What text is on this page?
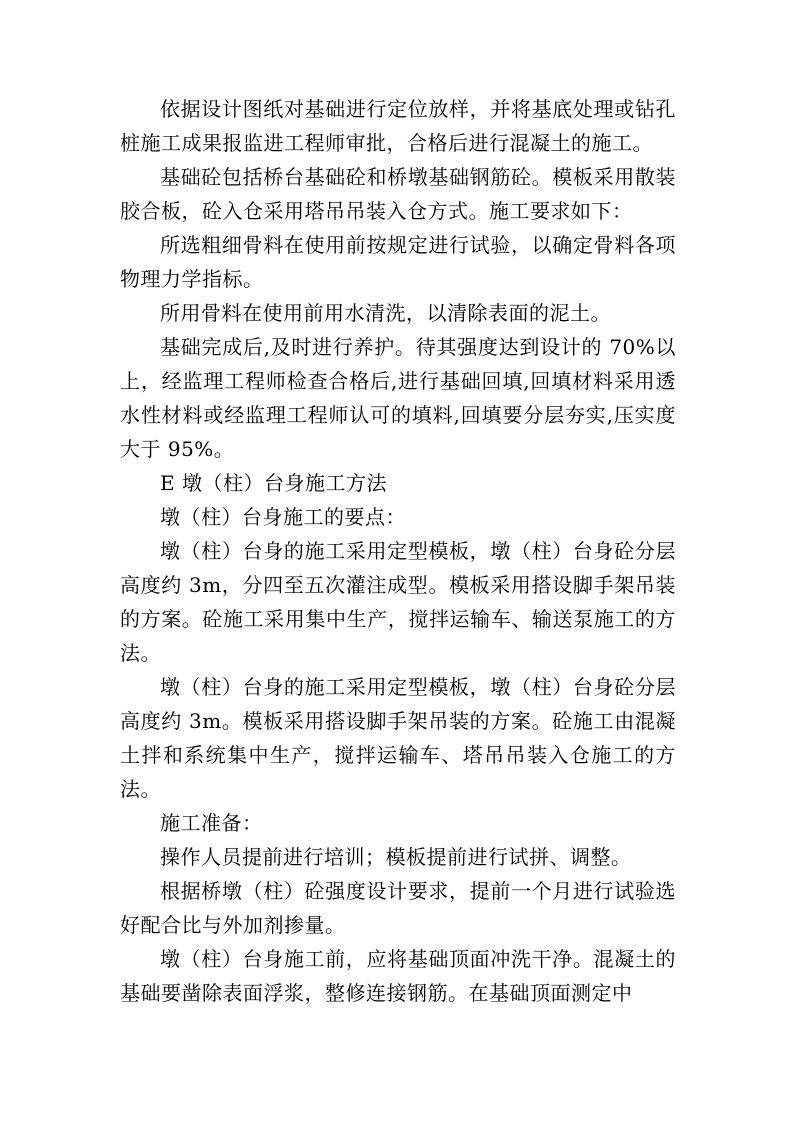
依据设计图纸对基础进行定位放样，并将基底处理或钻孔桩施工成果报监进工程师审批，合格后进行混凝土的施工。

基础砼包括桥台基础砼和桥墩基础钢筋砼。模板采用散装胶合板，砼入仓采用塔吊吊装入仓方式。施工要求如下：

所选粗细骨料在使用前按规定进行试验，以确定骨料各项物理力学指标。

所用骨料在使用前用水清洗，以清除表面的泥土。

基础完成后,及时进行养护。待其强度达到设计的 70%以上，经监理工程师检查合格后,进行基础回填,回填材料采用透水性材料或经监理工程师认可的填料,回填要分层夯实,压实度大于 95%。

E 墩（柱）台身施工方法

墩（柱）台身施工的要点：

墩（柱）台身的施工采用定型模板，墩（柱）台身砼分层高度约 3m，分四至五次灌注成型。模板采用搭设脚手架吊装的方案。砼施工采用集中生产，搅拌运输车、输送泵施工的方法。

墩（柱）台身的施工采用定型模板，墩（柱）台身砼分层高度约 3m。模板采用搭设脚手架吊装的方案。砼施工由混凝土拌和系统集中生产，搅拌运输车、塔吊吊装入仓施工的方法。

施工准备：

操作人员提前进行培训；模板提前进行试拼、调整。

根据桥墩（柱）砼强度设计要求，提前一个月进行试验选好配合比与外加剂掺量。

墩（柱）台身施工前，应将基础顶面冲洗干净。混凝土的基础要凿除表面浮浆，整修连接钢筋。在基础顶面测定中
